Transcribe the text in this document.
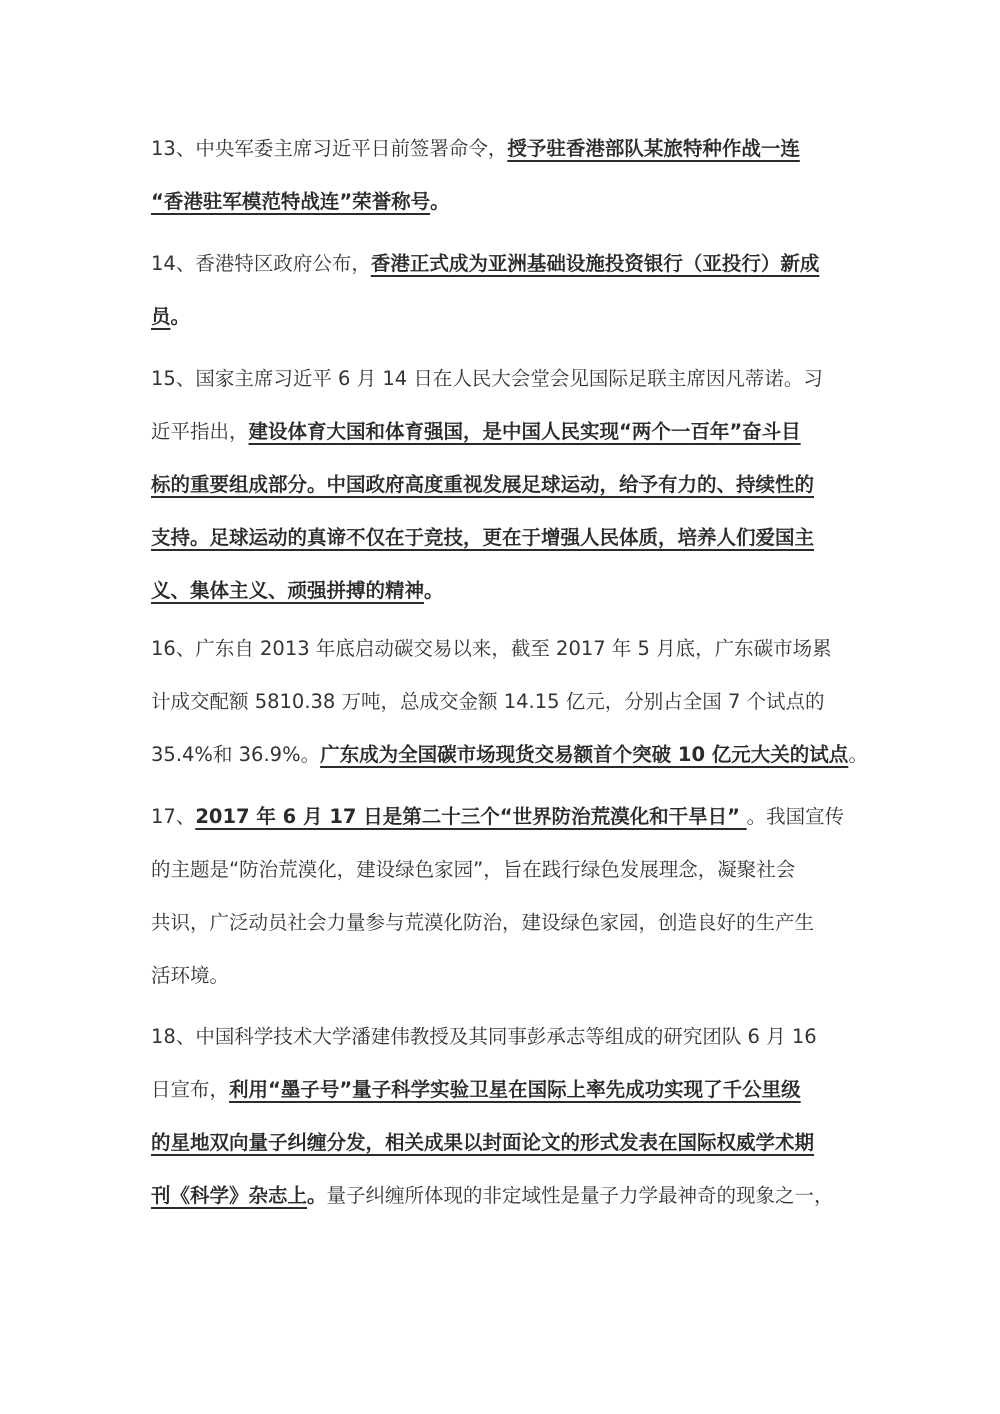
13、中央军委主席习近平日前签署命令，授予驻香港部队某旅特种作战一连
“香港驻军模范特战连”荣誉称号。
14、香港特区政府公布，香港正式成为亚洲基础设施投资银行（亚投行）新成
员。
15、国家主席习近平 6 月 14 日在人民大会堂会见国际足联主席因凡蒂诺。习
近平指出，建设体育大国和体育强国，是中国人民实现“两个一百年”奋斗目
标的重要组成部分。中国政府高度重视发展足球运动，给予有力的、持续性的
支持。足球运动的真谛不仅在于竞技，更在于增强人民体质，培养人们爱国主
义、集体主义、顽强拼搏的精神。
16、广东自 2013 年底启动碳交易以来，截至 2017 年 5 月底，广东碳市场累
计成交配额 5810.38 万吨，总成交金额 14.15 亿元，分别占全国 7 个试点的
35.4%和 36.9%。广东成为全国碳市场现货交易额首个突破 10 亿元大关的试点。
17、2017 年 6 月 17 日是第二十三个“世界防治荒漠化和干旱日” 。我国宣传
的主题是“防治荒漠化，建设绿色家园”，旨在践行绿色发展理念，凝聚社会
共识，广泛动员社会力量参与荒漠化防治，建设绿色家园，创造良好的生产生
活环境。
18、中国科学技术大学潘建伟教授及其同事彭承志等组成的研究团队 6 月 16
日宣布，利用“墨子号”量子科学实验卫星在国际上率先成功实现了千公里级
的星地双向量子纠缠分发，相关成果以封面论文的形式发表在国际权威学术期
刊《科学》杂志上。量子纠缠所体现的非定域性是量子力学最神奇的现象之一，
